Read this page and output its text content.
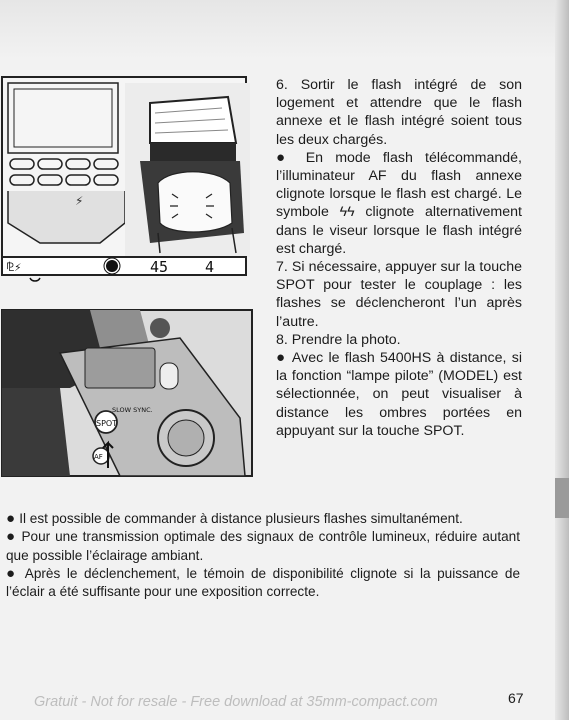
⚡
⅊⚡	45 4
SPOT
SLOW SYNC.
AF

6. Sortir le flash intégré de son logement et attendre que le flash annexe et le flash intégré soient tous les deux chargés.

● En mode flash télécommandé, l’illuminateur AF du flash annexe clignote lorsque le flash est chargé. Le symbole ϟϟ clignote alternativement dans le viseur lorsque le flash intégré est chargé.

7. Si nécessaire, appuyer sur la touche SPOT pour tester le couplage : les flashes se déclencheront l’un après l’autre.

8. Prendre la photo.

● Avec le flash 5400HS à distance, si la fonction “lampe pilote” (MODEL) est sélectionnée, on peut visualiser à distance les ombres portées en appuyant sur la touche SPOT.

● Il est possible de commander à distance plusieurs flashes simultanément.

● Pour une transmission optimale des signaux de contrôle lumineux, réduire autant que possible l’éclairage ambiant.

● Après le déclenchement, le témoin de disponibilité clignote si la puissance de l’éclair a été suffisante pour une exposition correcte.

Gratuit - Not for resale - Free download at 35mm-compact.com	67
